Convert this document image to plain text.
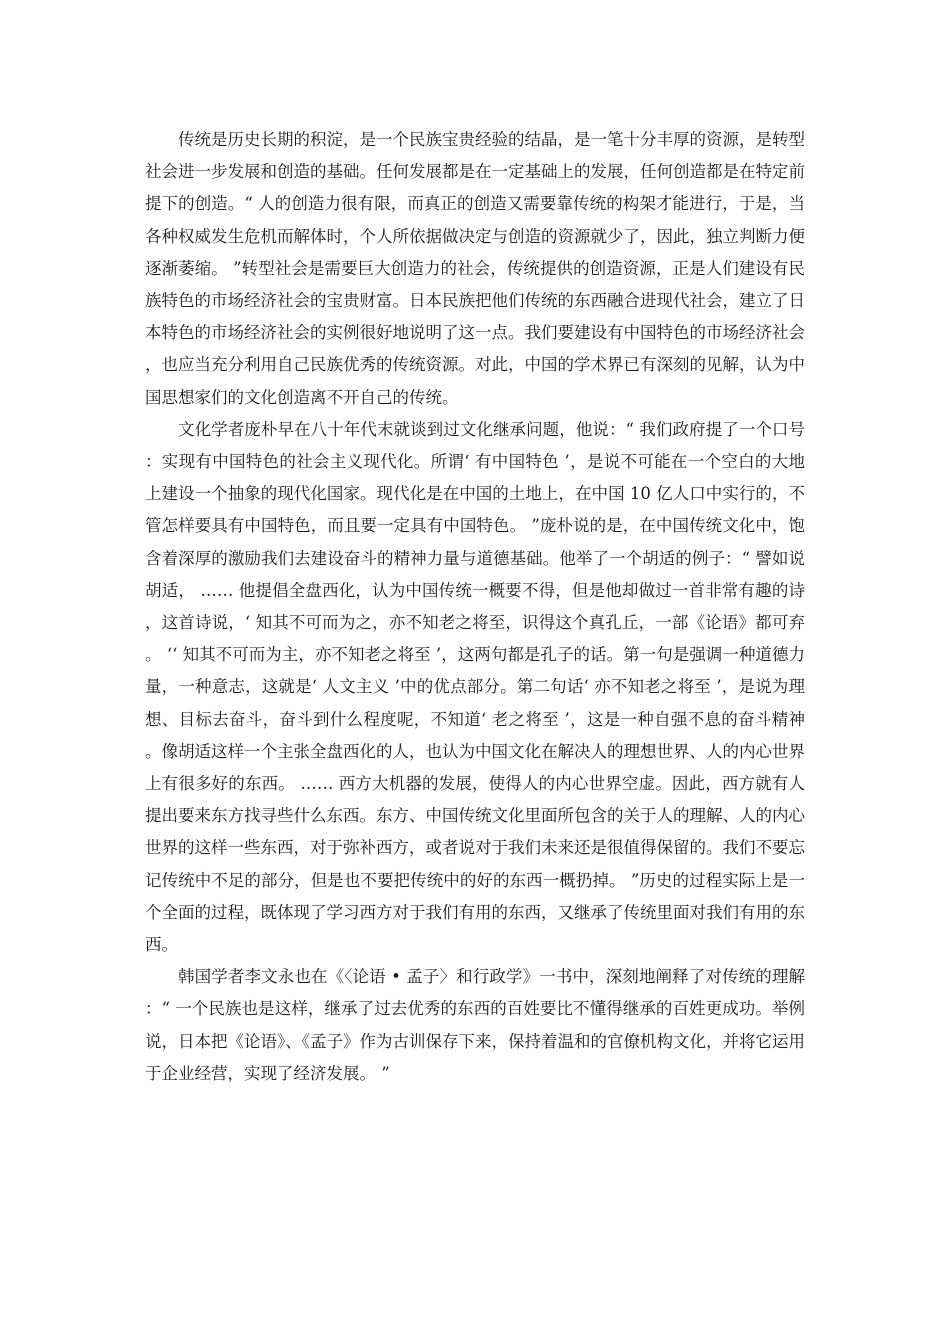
传统是历史长期的积淀，是一个民族宝贵经验的结晶，是一笔十分丰厚的资源，是转型社会进一步发展和创造的基础。任何发展都是在一定基础上的发展，任何创造都是在特定前提下的创造。“ 人的创造力很有限，而真正的创造又需要靠传统的构架才能进行，于是，当各种权威发生危机而解体时，个人所依据做决定与创造的资源就少了，因此，独立判断力便逐渐萎缩。 ”转型社会是需要巨大创造力的社会，传统提供的创造资源，正是人们建设有民族特色的市场经济社会的宝贵财富。日本民族把他们传统的东西融合进现代社会，建立了日本特色的市场经济社会的实例很好地说明了这一点。我们要建设有中国特色的市场经济社会，也应当充分利用自己民族优秀的传统资源。对此，中国的学术界已有深刻的见解，认为中国思想家们的文化创造离不开自己的传统。

文化学者庞朴早在八十年代末就谈到过文化继承问题，他说：“ 我们政府提了一个口号：实现有中国特色的社会主义现代化。所谓‘ 有中国特色 ’，是说不可能在一个空白的大地上建设一个抽象的现代化国家。现代化是在中国的土地上，在中国 10 亿人口中实行的，不管怎样要具有中国特色，而且要一定具有中国特色。 ”庞朴说的是，在中国传统文化中，饱含着深厚的激励我们去建设奋斗的精神力量与道德基础。他举了一个胡适的例子：“ 譬如说胡适， …… 他提倡全盘西化，认为中国传统一概要不得，但是他却做过一首非常有趣的诗，这首诗说，‘ 知其不可而为之，亦不知老之将至，识得这个真孔丘，一部《论语》都可弃。 ‘‘ 知其不可而为主，亦不知老之将至 ’，这两句都是孔子的话。第一句是强调一种道德力量，一种意志，这就是‘ 人文主义 ’中的优点部分。第二句话‘ 亦不知老之将至 ’，是说为理想、目标去奋斗，奋斗到什么程度呢，不知道‘ 老之将至 ’，这是一种自强不息的奋斗精神。像胡适这样一个主张全盘西化的人，也认为中国文化在解决人的理想世界、人的内心世界上有很多好的东西。 …… 西方大机器的发展，使得人的内心世界空虚。因此，西方就有人提出要来东方找寻些什么东西。东方、中国传统文化里面所包含的关于人的理解、人的内心世界的这样一些东西，对于弥补西方，或者说对于我们未来还是很值得保留的。我们不要忘记传统中不足的部分，但是也不要把传统中的好的东西一概扔掉。 ”历史的过程实际上是一个全面的过程，既体现了学习西方对于我们有用的东西，又继承了传统里面对我们有用的东西。

韩国学者李文永也在《〈论语 • 孟子〉和行政学》一书中，深刻地阐释了对传统的理解：“ 一个民族也是这样，继承了过去优秀的东西的百姓要比不懂得继承的百姓更成功。举例说，日本把《论语》、《孟子》作为古训保存下来，保持着温和的官僚机构文化，并将它运用于企业经营，实现了经济发展。 ”
